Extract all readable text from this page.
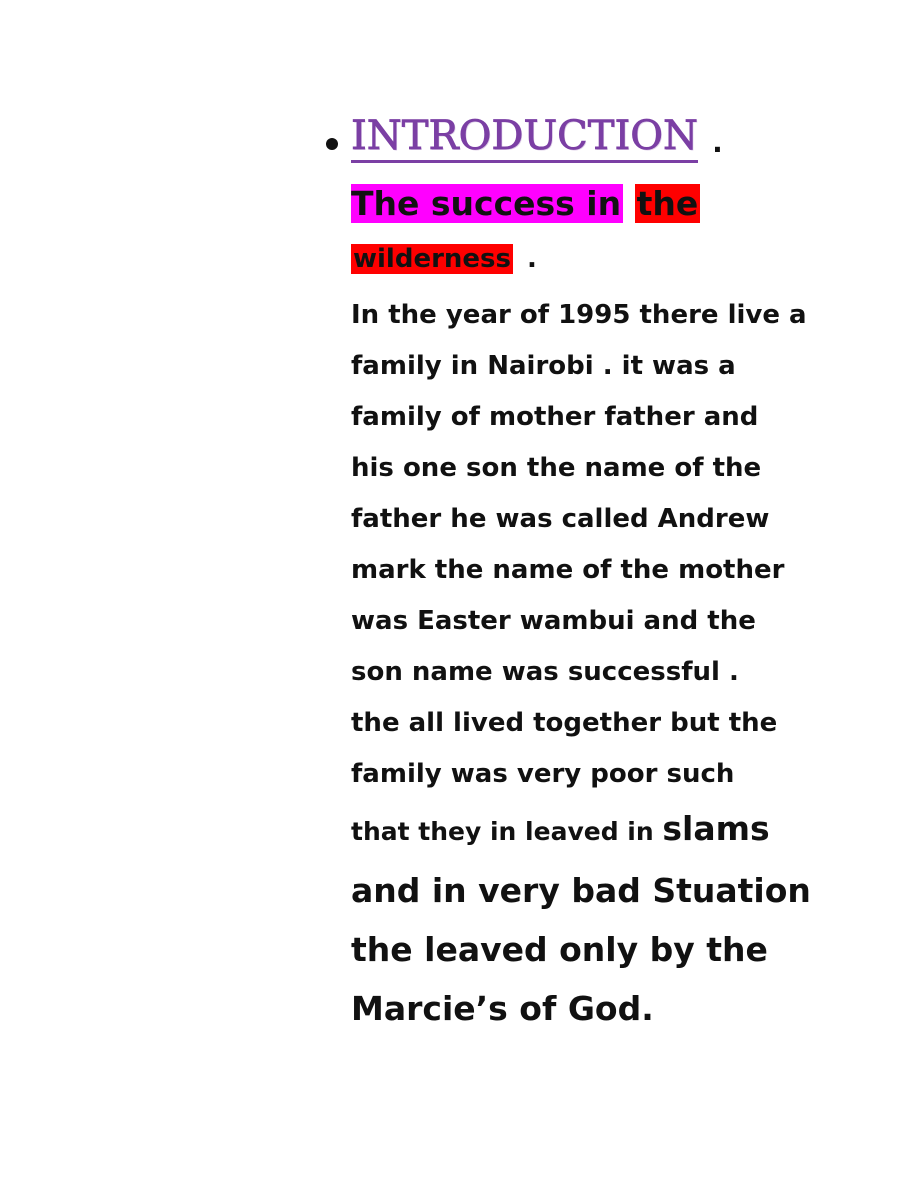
INTRODUCTION .
The success in the
wilderness .
In the year of 1995 there live a
family in Nairobi . it was a
family of mother father and
his one son the name of the
father he was called Andrew
mark the name of the mother
was Easter wambui and the
son name was successful .
the all lived together but the
family was very poor such
that they in leaved in slams
and in very bad Stuation
the leaved only by the
Marcie’s of God.
